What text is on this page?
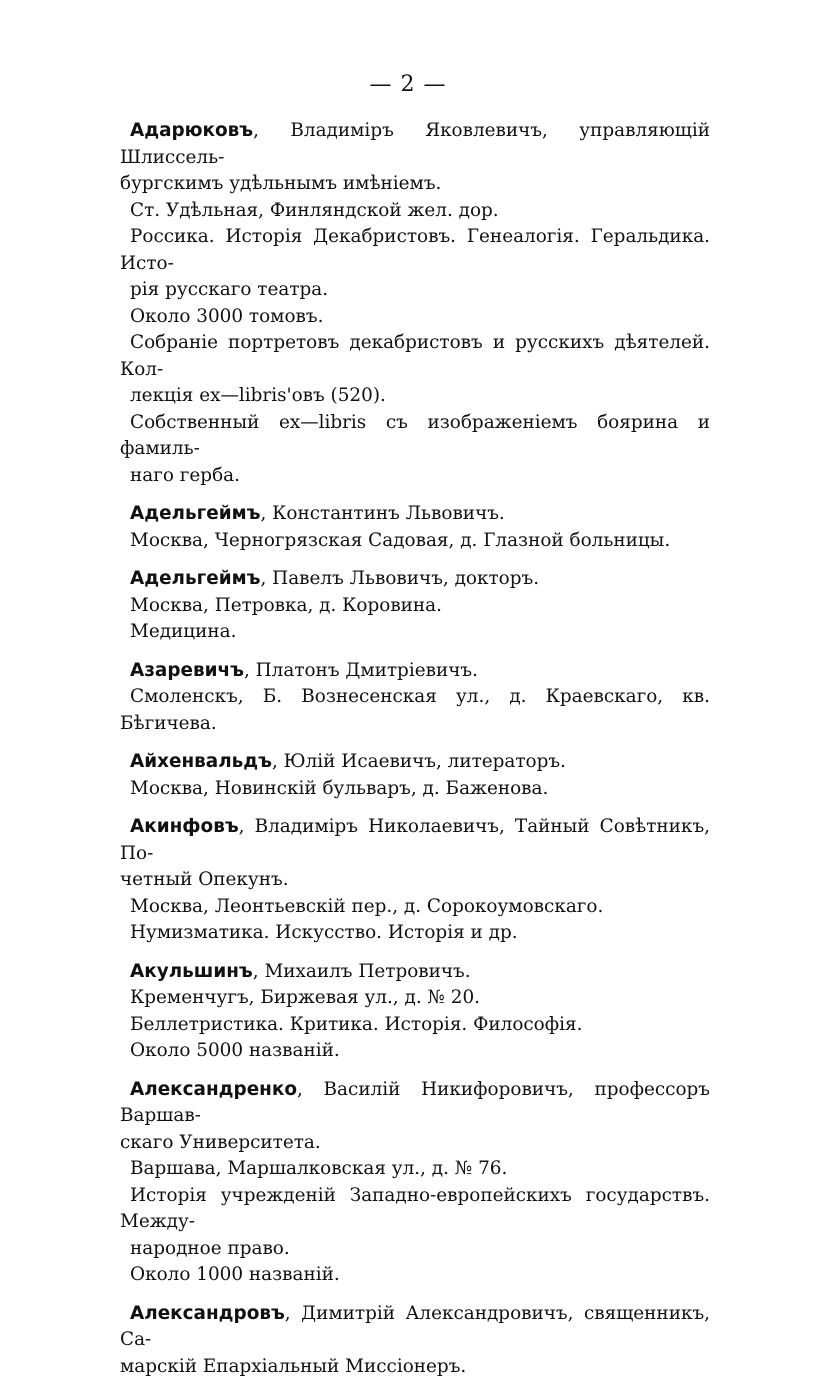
— 2 —

Адарюковъ, Владиміръ Яковлевичъ, управляющій Шлиссель-
бургскимъ удѣльнымъ имѣніемъ.

Ст. Удѣльная, Финляндской жел. дор.

Россика. Исторія Декабристовъ. Генеалогія. Геральдика. Исто-

рія русскаго театра.

Около 3000 томовъ.

Собраніе портретовъ декабристовъ и русскихъ дѣятелей. Кол-

лекція ex—libris'овъ (520).

Собственный ex—libris съ изображеніемъ боярина и фамиль-

наго герба.

Адельгеймъ, Константинъ Львовичъ.

Москва, Черногрязская Садовая, д. Глазной больницы.

Адельгеймъ, Павелъ Львовичъ, докторъ.

Москва, Петровка, д. Коровина.

Медицина.

Азаревичъ, Платонъ Дмитріевичъ.

Смоленскъ, Б. Вознесенская ул., д. Краевскаго, кв. Бѣгичева.

Айхенвальдъ, Юлій Исаевичъ, литераторъ.

Москва, Новинскій бульваръ, д. Баженова.

Акинфовъ, Владиміръ Николаевичъ, Тайный Совѣтникъ, По-
четный Опекунъ.

Москва, Леонтьевскій пер., д. Сорокоумовскаго.

Нумизматика. Искусство. Исторія и др.

Акульшинъ, Михаилъ Петровичъ.

Кременчугъ, Биржевая ул., д. № 20.

Беллетристика. Критика. Исторія. Философія.

Около 5000 названій.

Александренко, Василій Никифоровичъ, профессоръ Варшав-
скаго Университета.

Варшава, Маршалковская ул., д. № 76.

Исторія учрежденій Западно-европейскихъ государствъ. Между-

народное право.

Около 1000 названій.

Александровъ, Димитрій Александровичъ, священникъ, Са-
марскій Епархіальный Миссіонеръ.
